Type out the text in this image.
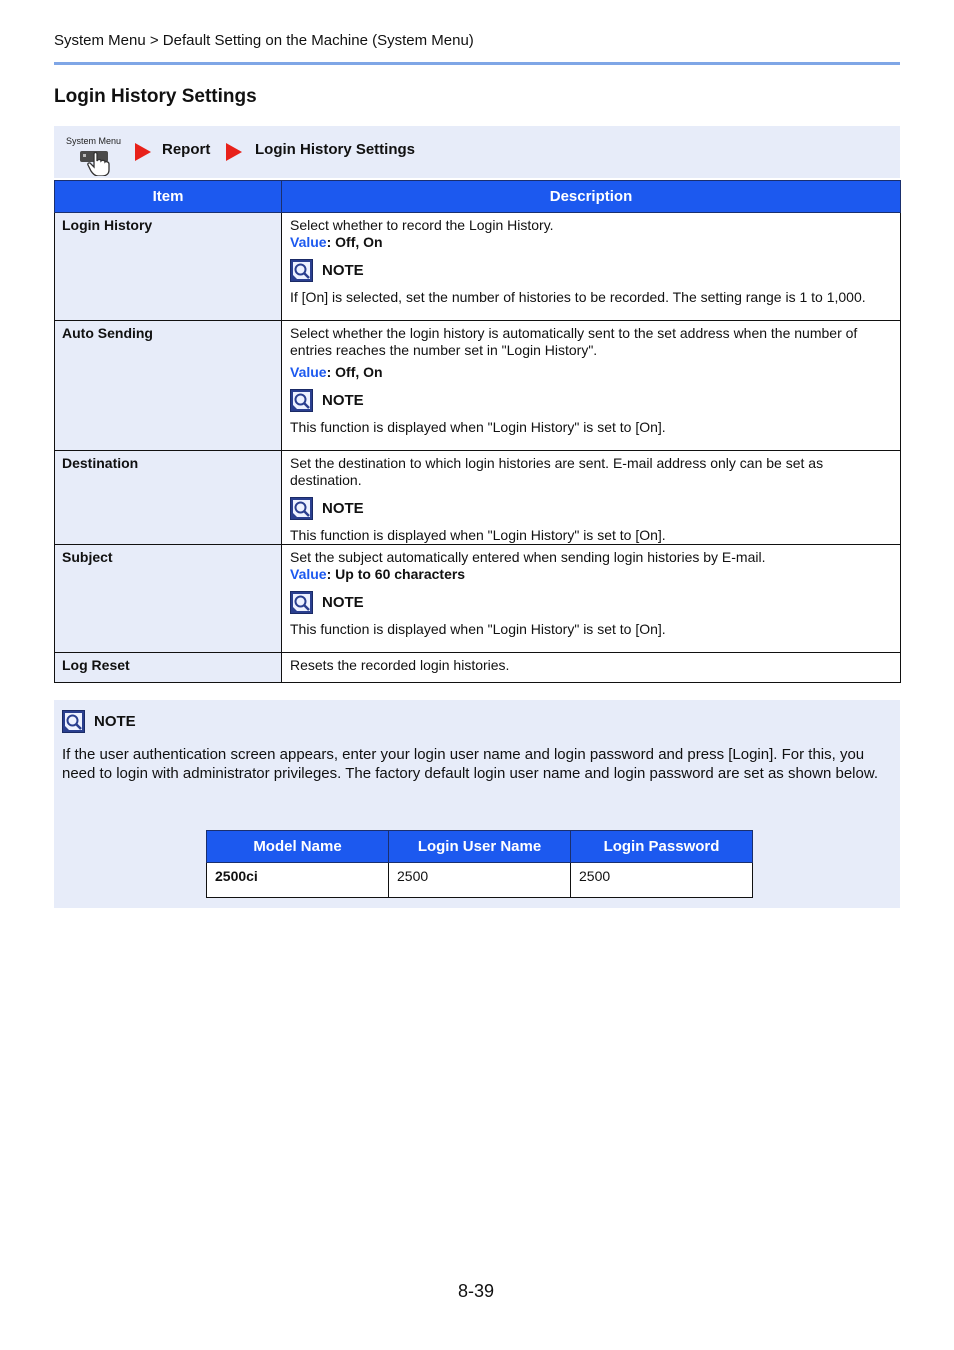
System Menu > Default Setting on the Machine (System Menu)
Login History Settings
System Menu	Report	Login History Settings
Item	Description
Login History	Select whether to record the Login History.
Value: Off, On
NOTE
If [On] is selected, set the number of histories to be recorded. The setting range is 1 to 1,000.

Auto Sending	Select whether the login history is automatically sent to the set address when the number of entries reaches the number set in "Login History".
Value: Off, On
NOTE
This function is displayed when "Login History" is set to [On].

Destination	Set the destination to which login histories are sent. E-mail address only can be set as destination.
NOTE
This function is displayed when "Login History" is set to [On].

Subject	Set the subject automatically entered when sending login histories by E-mail.
Value: Up to 60 characters
NOTE
This function is displayed when "Login History" is set to [On].

Log Reset	Resets the recorded login histories.
NOTE
If the user authentication screen appears, enter your login user name and login password and press [Login]. For this, you need to login with administrator privileges. The factory default login user name and login password are set as shown below.
Model Name	Login User Name	Login Password
2500ci	2500	2500
8-39
